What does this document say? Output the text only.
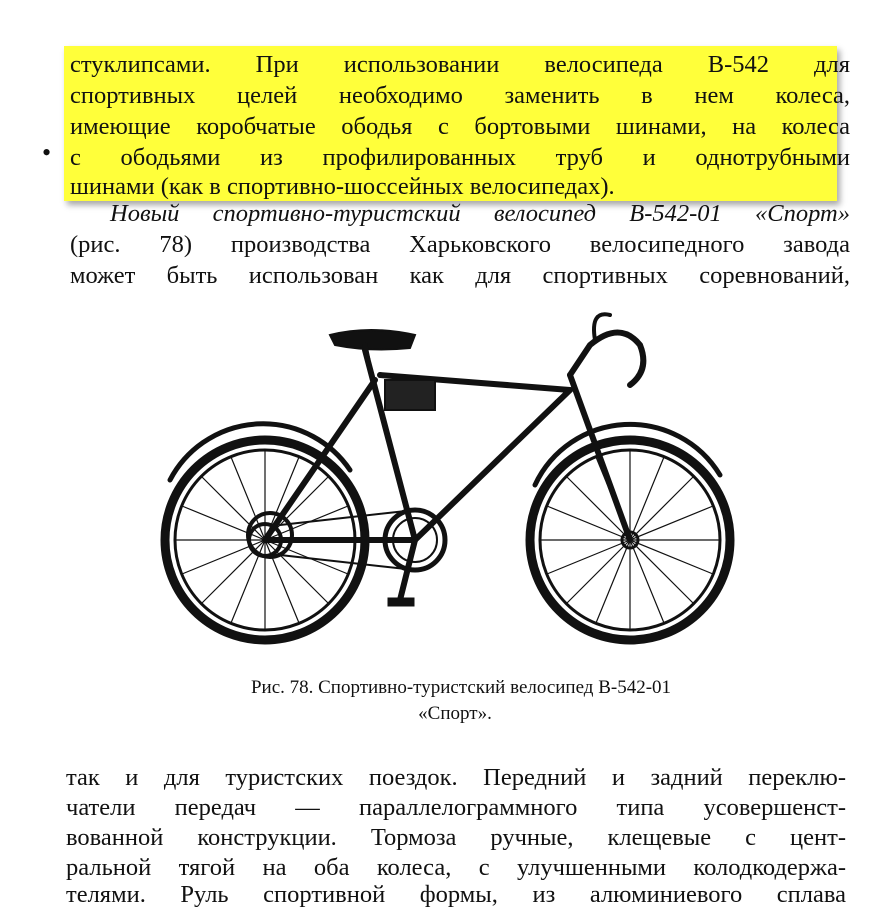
•
стуклипсами. При использовании велосипеда В-542 для
спортивных целей необходимо заменить в нем колеса,
имеющие коробчатые ободья с бортовыми шинами, на колеса
с ободьями из профилированных труб и однотрубными
шинами (как в спортивно-шоссейных велосипедах).
Новый спортивно-туристский велосипед В-542-01 «Спорт»
(рис. 78) производства Харьковского велосипедного завода
может быть использован как для спортивных соревнований,
Рис. 78. Спортивно-туристский велосипед В-542-01
«Спорт».
так и для туристских поездок. Передний и задний переклю-
чатели передач — параллелограммного типа усовершенст-
вованной конструкции. Тормоза ручные, клещевые с цент-
ральной тягой на оба колеса, с улучшенными колодкодержа-
телями. Руль спортивной формы, из алюминиевого сплава
